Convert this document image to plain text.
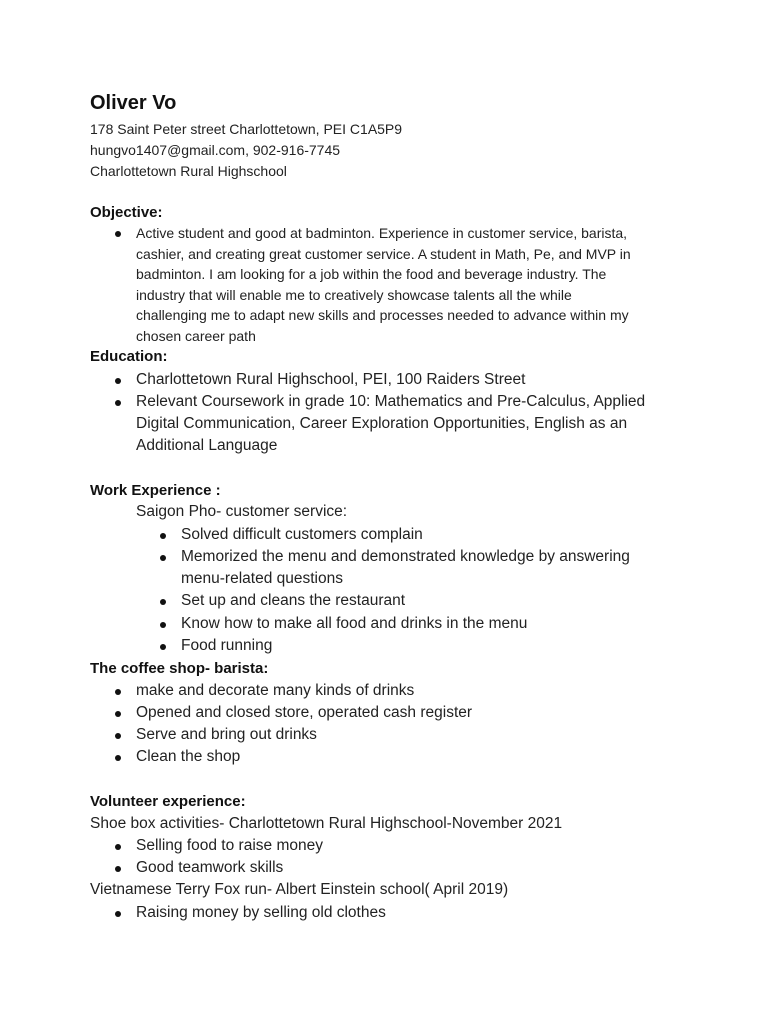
Oliver Vo
178 Saint Peter street Charlottetown, PEI C1A5P9
hungvo1407@gmail.com, 902-916-7745
Charlottetown Rural Highschool
Objective:
Active student and good at badminton. Experience in customer service, barista,
cashier, and creating great customer service. A student in Math, Pe, and MVP in
badminton. I am looking for a job within the food and beverage industry. The
industry that will enable me to creatively showcase talents all the while
challenging me to adapt new skills and processes needed to advance within my
chosen career path
Education:
Charlottetown Rural Highschool, PEI, 100 Raiders Street
Relevant Coursework in grade 10: Mathematics and Pre-Calculus, Applied
Digital Communication, Career Exploration Opportunities, English as an
Additional Language
Work Experience :
Saigon Pho- customer service:
Solved difficult customers complain
Memorized the menu and demonstrated knowledge by answering
menu-related questions
Set up and cleans the restaurant
Know how to make all food and drinks in the menu
Food running
The coffee shop- barista:
make and decorate many kinds of drinks
Opened and closed store, operated cash register
Serve and bring out drinks
Clean the shop
Volunteer experience:
Shoe box activities- Charlottetown Rural Highschool-November 2021
Selling food to raise money
Good teamwork skills
Vietnamese Terry Fox run- Albert Einstein school( April 2019)
Raising money by selling old clothes
